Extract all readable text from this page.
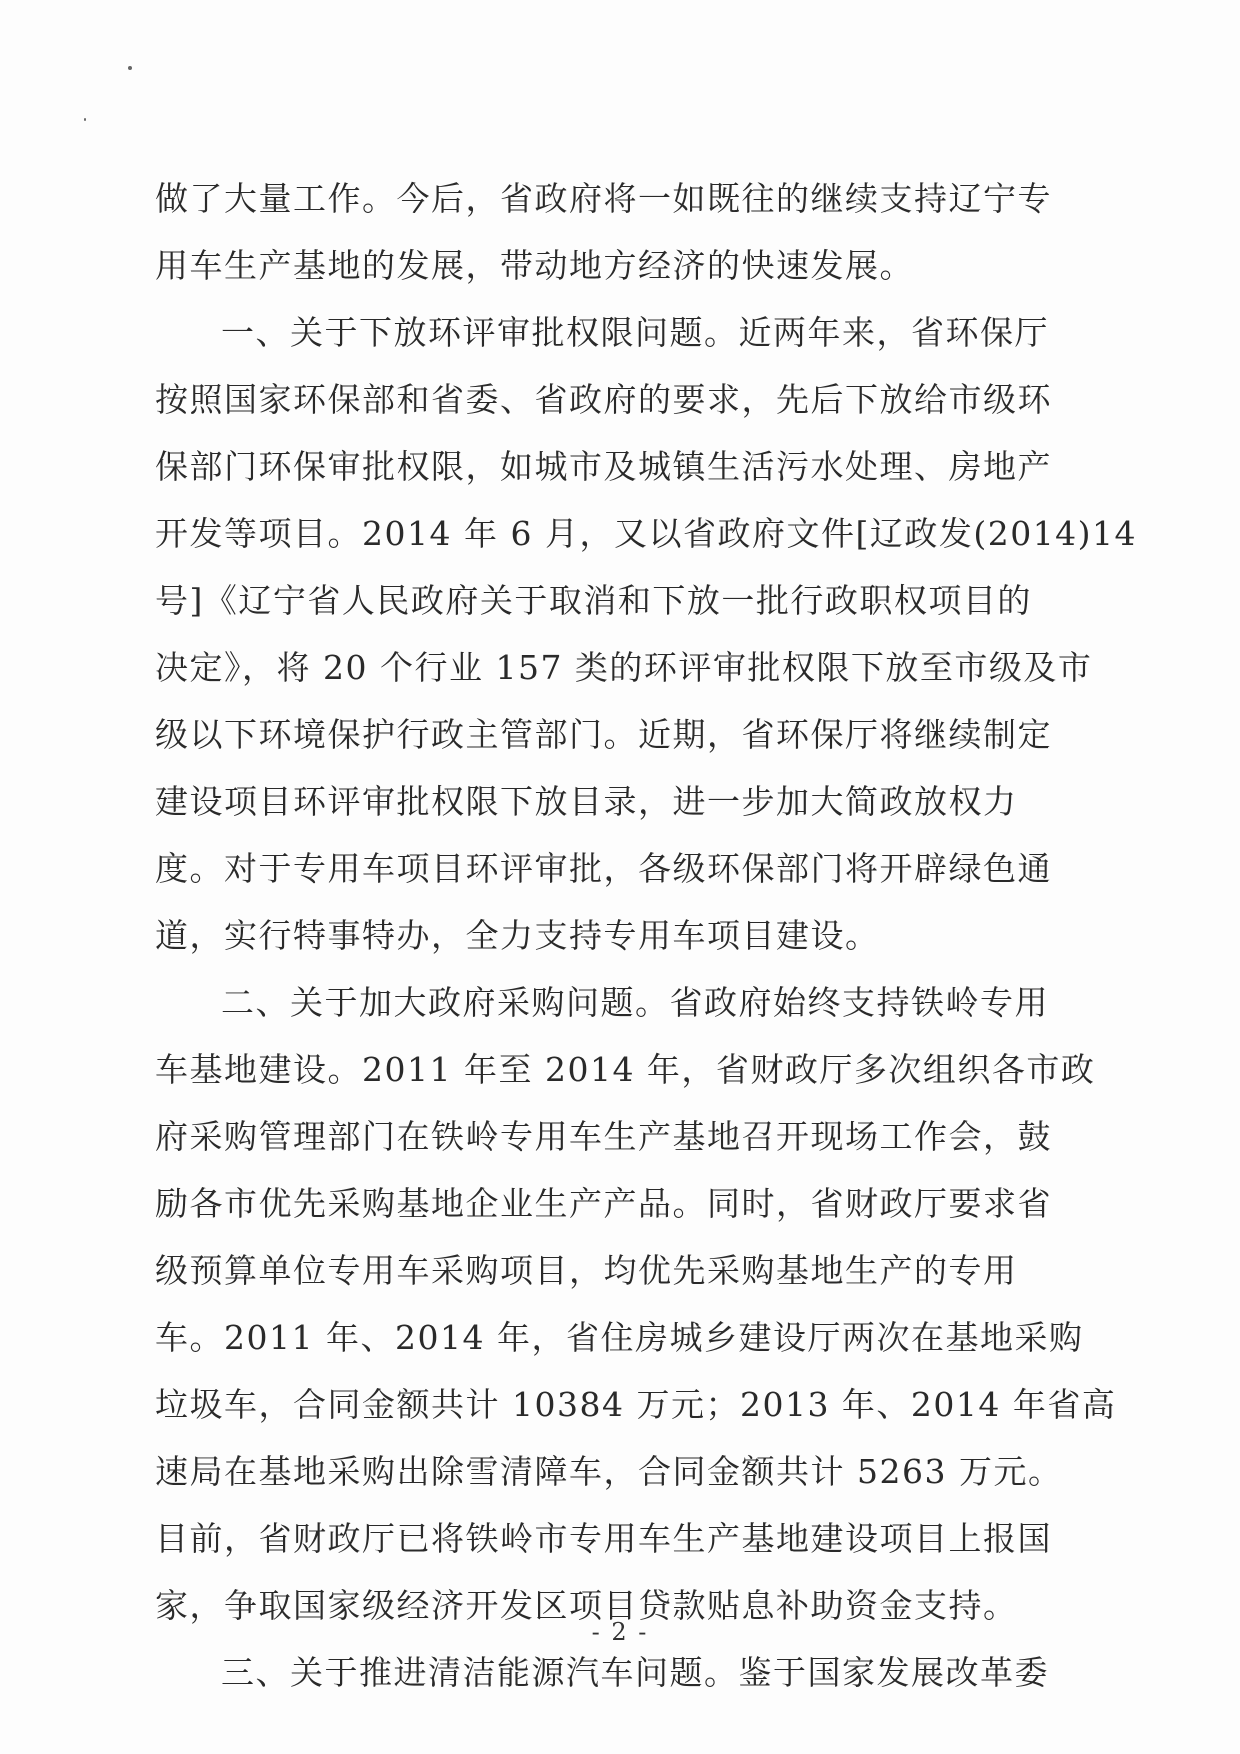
做了大量工作。今后，省政府将一如既往的继续支持辽宁专
用车生产基地的发展，带动地方经济的快速发展。
一、关于下放环评审批权限问题。近两年来，省环保厅
按照国家环保部和省委、省政府的要求，先后下放给市级环
保部门环保审批权限，如城市及城镇生活污水处理、房地产
开发等项目。2014 年 6 月，又以省政府文件[辽政发(2014)14
号]《辽宁省人民政府关于取消和下放一批行政职权项目的
决定》，将 20 个行业 157 类的环评审批权限下放至市级及市
级以下环境保护行政主管部门。近期，省环保厅将继续制定
建设项目环评审批权限下放目录，进一步加大简政放权力
度。对于专用车项目环评审批，各级环保部门将开辟绿色通
道，实行特事特办，全力支持专用车项目建设。
二、关于加大政府采购问题。省政府始终支持铁岭专用
车基地建设。2011 年至 2014 年，省财政厅多次组织各市政
府采购管理部门在铁岭专用车生产基地召开现场工作会，鼓
励各市优先采购基地企业生产产品。同时，省财政厅要求省
级预算单位专用车采购项目，均优先采购基地生产的专用
车。2011 年、2014 年，省住房城乡建设厅两次在基地采购
垃圾车，合同金额共计 10384 万元；2013 年、2014 年省高
速局在基地采购出除雪清障车，合同金额共计 5263 万元。
目前，省财政厅已将铁岭市专用车生产基地建设项目上报国
家，争取国家级经济开发区项目贷款贴息补助资金支持。
三、关于推进清洁能源汽车问题。鉴于国家发展改革委
- 2 -
